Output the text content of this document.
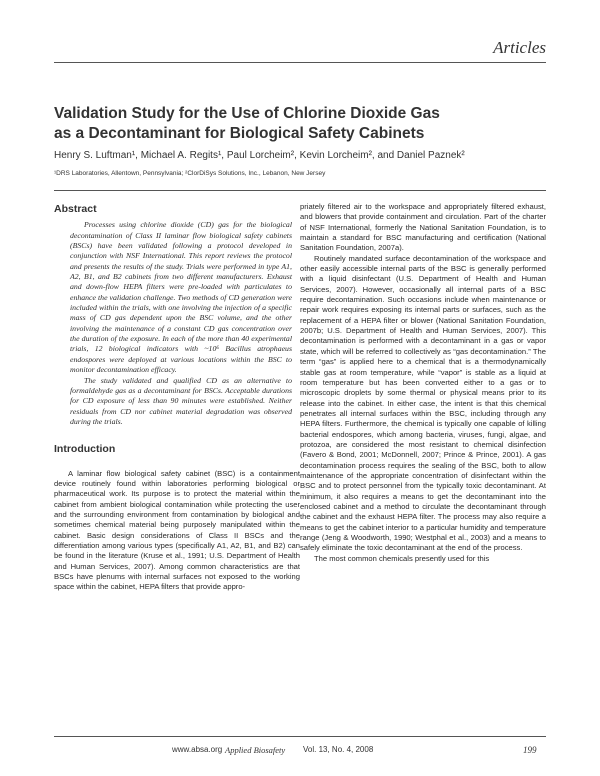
Articles
Validation Study for the Use of Chlorine Dioxide Gas
as a Decontaminant for Biological Safety Cabinets
Henry S. Luftman¹, Michael A. Regits¹, Paul Lorcheim², Kevin Lorcheim², and Daniel Paznek²
¹DRS Laboratories, Allentown, Pennsylvania; ²ClorDiSys Solutions, Inc., Lebanon, New Jersey
Abstract

Processes using chlorine dioxide (CD) gas for the biological decontamination of Class II laminar flow biological safety cabinets (BSCs) have been validated following a protocol developed in conjunction with NSF International. This report reviews the protocol and presents the results of the study. Trials were performed in type A1, A2, B1, and B2 cabinets from two different manufacturers. Exhaust and down-flow HEPA filters were pre-loaded with particulates to enhance the validation challenge. Two methods of CD generation were included within the trials, with one involving the injection of a specific mass of CD gas dependent upon the BSC volume, and the other involving the maintenance of a constant CD gas concentration over the duration of the exposure. In each of the more than 40 experimental trials, 12 biological indicators with ~10⁶ Bacillus atrophaeus endospores were deployed at various locations within the BSC to monitor decontamination efficacy.

The study validated and qualified CD as an alternative to formaldehyde gas as a decontaminant for BSCs. Acceptable durations for CD exposure of less than 90 minutes were established. Neither residuals from CD nor cabinet material degradation was observed during the trials.

Introduction

A laminar flow biological safety cabinet (BSC) is a containment device routinely found within laboratories performing biological or pharmaceutical work. Its purpose is to protect the material within the cabinet from ambient biological contamination while protecting the user and the surrounding environment from contamination by biological and sometimes chemical material being purposely manipulated within the cabinet. Basic design considerations of Class II BSCs and the differentiation among various types (specifically A1, A2, B1, and B2) can be found in the literature (Kruse et al., 1991; U.S. Department of Health and Human Services, 2007). Among common characteristics are that BSCs have plenums with internal surfaces not exposed to the working space within the cabinet, HEPA filters that provide appro-

priately filtered air to the workspace and appropriately filtered exhaust, and blowers that provide containment and circulation. Part of the charter of NSF International, formerly the National Sanitation Foundation, is to maintain a standard for BSC manufacturing and certification (National Sanitation Foundation, 2007a).

Routinely mandated surface decontamination of the workspace and other easily accessible internal parts of the BSC is generally performed with a liquid disinfectant (U.S. Department of Health and Human Services, 2007). However, occasionally all internal parts of a BSC require decontamination. Such occasions include when maintenance or repair work requires exposing its internal parts or surfaces, such as the replacement of a HEPA filter or blower (National Sanitation Foundation, 2007b; U.S. Department of Health and Human Services, 2007). This decontamination is performed with a decontaminant in a gas or vapor state, which will be referred to collectively as “gas decontamination.” The term “gas” is applied here to a chemical that is a thermodynamically stable gas at room temperature, while “vapor” is stable as a liquid at room temperature but has been converted either to a gas or to microscopic droplets by some thermal or physical means prior to its release into the cabinet. In either case, the intent is that this chemical penetrates all internal surfaces within the BSC, including through any HEPA filters. Furthermore, the chemical is typically one capable of killing bacterial endospores, which among bacteria, viruses, fungi, algae, and protozoa, are considered the most resistant to chemical disinfection (Favero & Bond, 2001; McDonnell, 2007; Prince & Prince, 2001). A gas decontamination process requires the sealing of the BSC, both to allow maintenance of the appropriate concentration of disinfectant within the BSC and to protect personnel from the typically toxic decontaminant. At minimum, it also requires a means to get the decontaminant into the enclosed cabinet and a method to circulate the decontaminant through the cabinet and the exhaust HEPA filter. The process may also require a means to get the cabinet interior to a particular humidity and temperature range (Jeng & Woodworth, 1990; Westphal et al., 2003) and a means to safely eliminate the toxic decontaminant at the end of the process.

The most common chemicals presently used for this

www.absa.org Applied Biosafety Vol. 13, No. 4, 2008	199
